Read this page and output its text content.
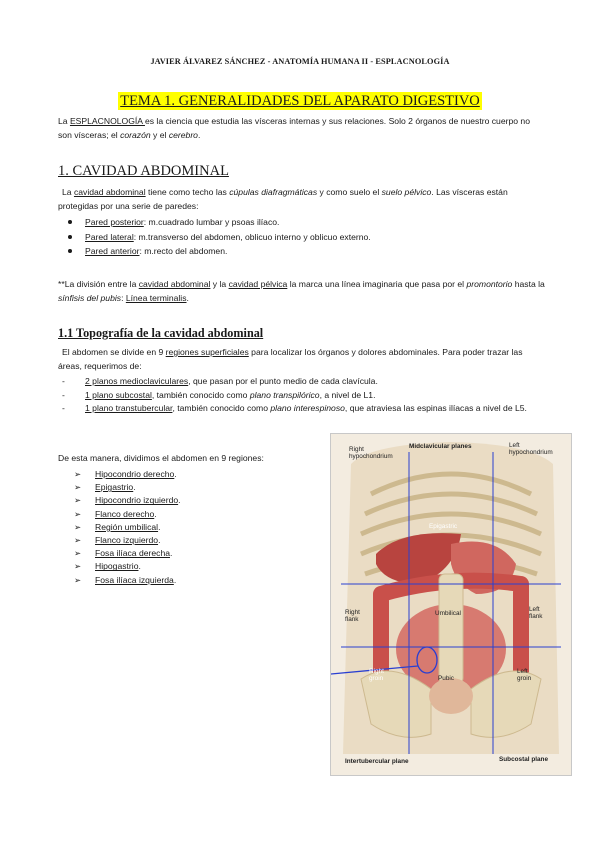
JAVIER ÁLVAREZ SÁNCHEZ - ANATOMÍA HUMANA II - ESPLACNOLOGÍA
TEMA 1. GENERALIDADES DEL APARATO DIGESTIVO
La ESPLACNOLOGÍA es la ciencia que estudia las vísceras internas y sus relaciones. Solo 2 órganos de nuestro cuerpo no son vísceras; el corazón y el cerebro.
1. CAVIDAD ABDOMINAL
La cavidad abdominal tiene como techo las cúpulas diafragmáticas y como suelo el suelo pélvico. Las vísceras están protegidas por una serie de paredes:
Pared posterior: m.cuadrado lumbar y psoas ilíaco.
Pared lateral: m.transverso del abdomen, oblicuo interno y oblicuo externo.
Pared anterior: m.recto del abdomen.
**La división entre la cavidad abdominal y la cavidad pélvica la marca una línea imaginaria que pasa por el promontorio hasta la sínfisis del pubis: Línea terminalis.
1.1 Topografía de la cavidad abdominal
El abdomen se divide en 9 regiones superficiales para localizar los órganos y dolores abdominales. Para poder trazar las áreas, requerimos de:
- 2 planos medioclaviculares, que pasan por el punto medio de cada clavícula.
- 1 plano subcostal, también conocido como plano transpilórico, a nivel de L1.
- 1 plano transtubercular, también conocido como plano interespinoso, que atraviesa las espinas ilíacas a nivel de L5.
De esta manera, dividimos el abdomen en 9 regiones:
➢ Hipocondrio derecho.
➢ Epigastrio.
➢ Hipocondrio izquierdo.
➢ Flanco derecho.
➢ Región umbilical.
➢ Flanco izquierdo.
➢ Fosa ilíaca derecha.
➢ Hipogastrio.
➢ Fosa ilíaca izquierda.
Right hypochondrium
Midclavicular planes	Left hypochondrium
Epigastric
Umbilical
Right flank
Left flank
Right groin	Pubic
Left groin
Intertubercular plane	Subcostal plane
